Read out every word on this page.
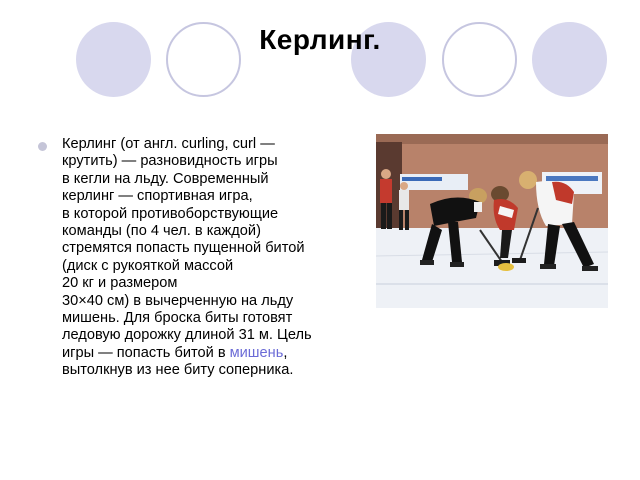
Керлинг.
Керлинг (от англ. curling, curl —
крутить) — разновидность игры
в кегли на льду. Современный
керлинг — спортивная игра,
в которой противоборствующие
команды (по 4 чел. в каждой)
стремятся попасть пущенной битой
(диск с рукояткой массой
20 кг и размером
30×40 см) в вычерченную на льду
мишень. Для броска биты готовят
ледовую дорожку длиной 31 м. Цель
игры — попасть битой в мишень,
вытолкнув из нее биту соперника.
